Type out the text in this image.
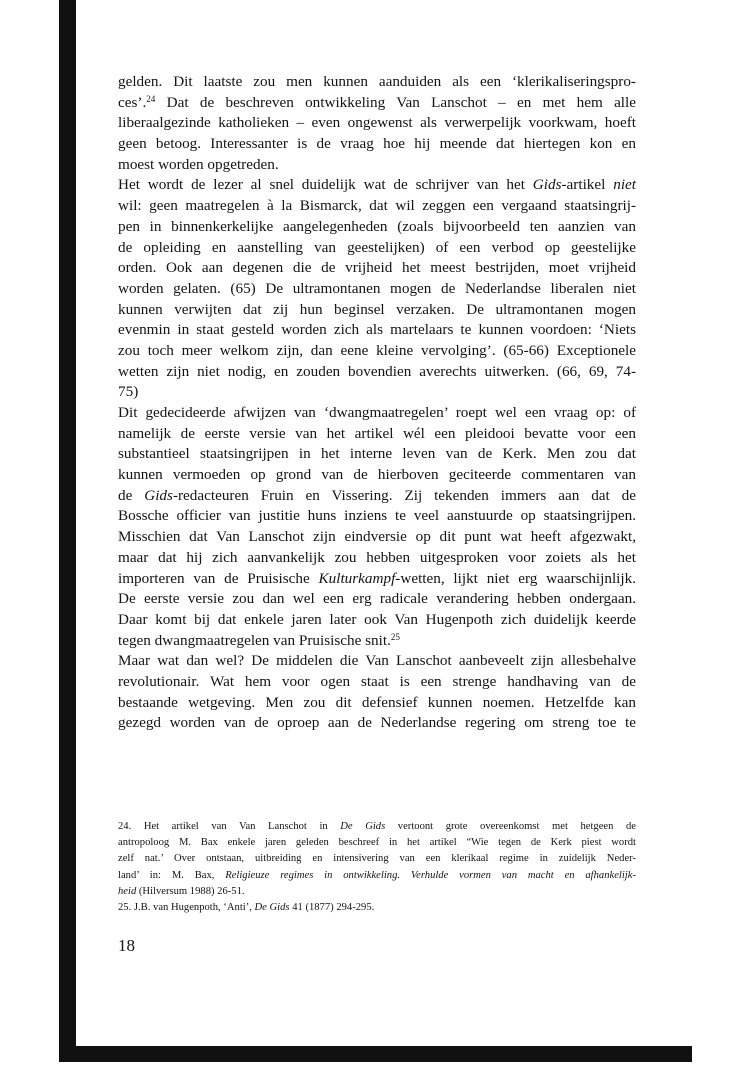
gelden. Dit laatste zou men kunnen aanduiden als een ‘klerikaliseringspro-
ces’.$^{24}$ Dat de beschreven ontwikkeling Van Lanschot – en met hem alle
liberaalgezinde katholieken – even ongewenst als verwerpelijk voorkwam, hoeft
geen betoog. Interessanter is de vraag hoe hij meende dat hiertegen kon en
moest worden opgetreden.
Het wordt de lezer al snel duidelijk wat de schrijver van het Gids-artikel niet
wil: geen maatregelen à la Bismarck, dat wil zeggen een vergaand staatsingrij-
pen in binnenkerkelijke aangelegenheden (zoals bijvoorbeeld ten aanzien van
de opleiding en aanstelling van geestelijken) of een verbod op geestelijke
orden. Ook aan degenen die de vrijheid het meest bestrijden, moet vrijheid
worden gelaten. (65) De ultramontanen mogen de Nederlandse liberalen niet
kunnen verwijten dat zij hun beginsel verzaken. De ultramontanen mogen
evenmin in staat gesteld worden zich als martelaars te kunnen voordoen: ‘Niets
zou toch meer welkom zijn, dan eene kleine vervolging’. (65-66) Exceptionele
wetten zijn niet nodig, en zouden bovendien averechts uitwerken. (66, 69, 74-
75)
Dit gedecideerde afwijzen van ‘dwangmaatregelen’ roept wel een vraag op: of
namelijk de eerste versie van het artikel wél een pleidooi bevatte voor een
substantieel staatsingrijpen in het interne leven van de Kerk. Men zou dat
kunnen vermoeden op grond van de hierboven geciteerde commentaren van
de Gids-redacteuren Fruin en Vissering. Zij tekenden immers aan dat de
Bossche officier van justitie huns inziens te veel aanstuurde op staatsingrijpen.
Misschien dat Van Lanschot zijn eindversie op dit punt wat heeft afgezwakt,
maar dat hij zich aanvankelijk zou hebben uitgesproken voor zoiets als het
importeren van de Pruisische Kulturkampf-wetten, lijkt niet erg waarschijnlijk.
De eerste versie zou dan wel een erg radicale verandering hebben ondergaan.
Daar komt bij dat enkele jaren later ook Van Hugenpoth zich duidelijk keerde
tegen dwangmaatregelen van Pruisische snit.$^{25}$
Maar wat dan wel? De middelen die Van Lanschot aanbeveelt zijn allesbehalve
revolutionair. Wat hem voor ogen staat is een strenge handhaving van de
bestaande wetgeving. Men zou dit defensief kunnen noemen. Hetzelfde kan
gezegd worden van de oproep aan de Nederlandse regering om streng toe te
24. Het artikel van Van Lanschot in De Gids vertoont grote overeenkomst met hetgeen de
antropoloog M. Bax enkele jaren geleden beschreef in het artikel “Wie tegen de Kerk piest wordt
zelf nat.’ Over ontstaan, uitbreiding en intensivering van een klerikaal regime in zuidelijk Neder-
land’ in: M. Bax, Religieuze regimes in ontwikkeling. Verhulde vormen van macht en afhankelijk-
heid (Hilversum 1988) 26-51.
25. J.B. van Hugenpoth, ‘Anti’, De Gids 41 (1877) 294-295.
18
